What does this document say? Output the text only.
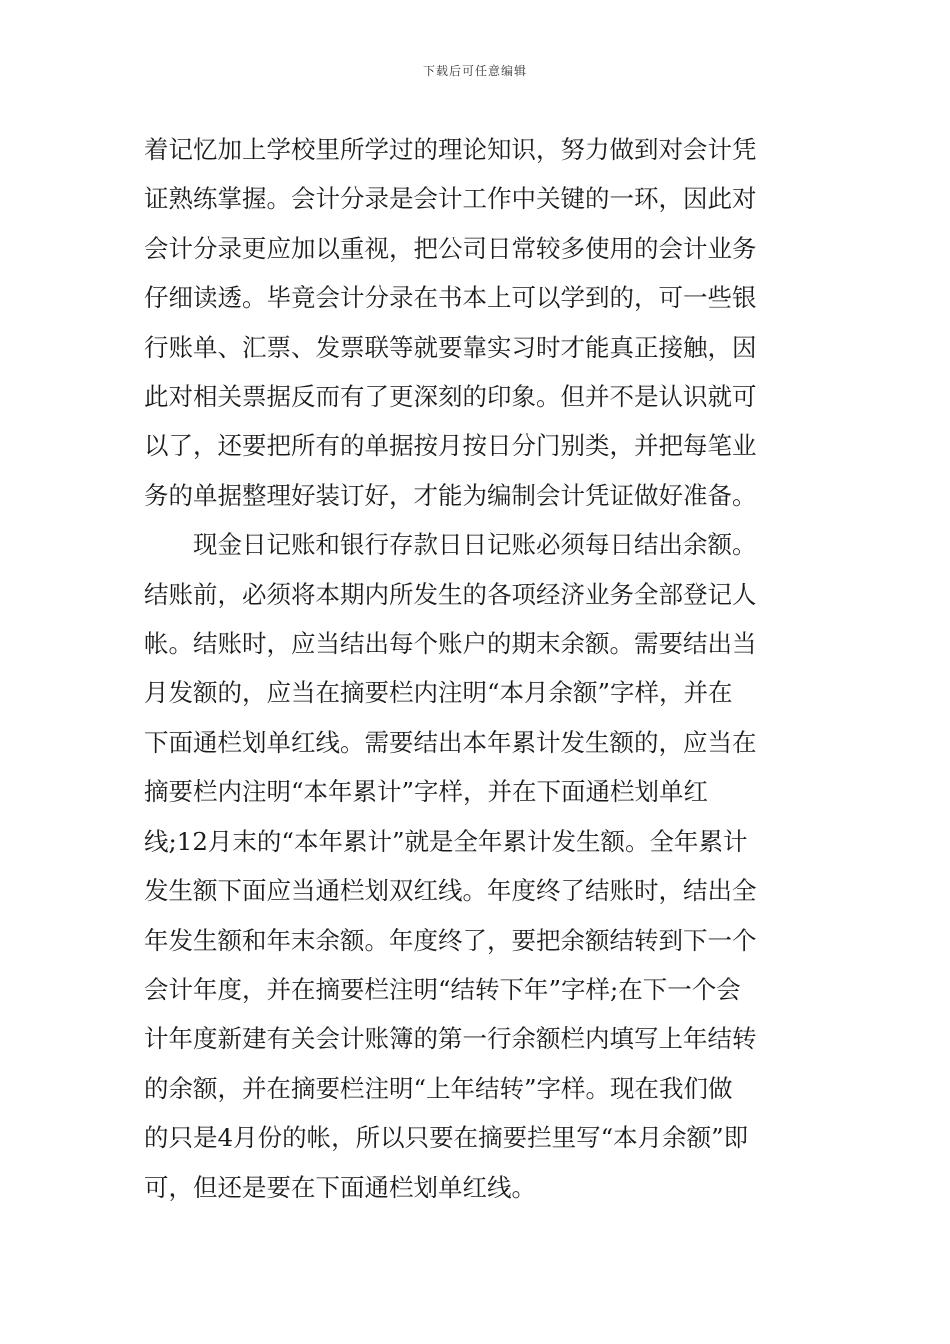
下载后可任意编辑

着记忆加上学校里所学过的理论知识，努力做到对会计凭
证熟练掌握。会计分录是会计工作中关键的一环，因此对
会计分录更应加以重视，把公司日常较多使用的会计业务
仔细读透。毕竟会计分录在书本上可以学到的，可一些银
行账单、汇票、发票联等就要靠实习时才能真正接触，因
此对相关票据反而有了更深刻的印象。但并不是认识就可
以了，还要把所有的单据按月按日分门别类，并把每笔业
务的单据整理好装订好，才能为编制会计凭证做好准备。

现金日记账和银行存款日日记账必须每日结出余额。
结账前，必须将本期内所发生的各项经济业务全部登记人
帐。结账时，应当结出每个账户的期末余额。需要结出当
月发额的，应当在摘要栏内注明“本月余额”字样，并在
下面通栏划单红线。需要结出本年累计发生额的，应当在
摘要栏内注明“本年累计”字样，并在下面通栏划单红
线;12月末的“本年累计”就是全年累计发生额。全年累计
发生额下面应当通栏划双红线。年度终了结账时，结出全
年发生额和年末余额。年度终了，要把余额结转到下一个
会计年度，并在摘要栏注明“结转下年”字样;在下一个会
计年度新建有关会计账簿的第一行余额栏内填写上年结转
的余额，并在摘要栏注明“上年结转”字样。现在我们做
的只是4月份的帐，所以只要在摘要拦里写“本月余额”即
可，但还是要在下面通栏划单红线。
